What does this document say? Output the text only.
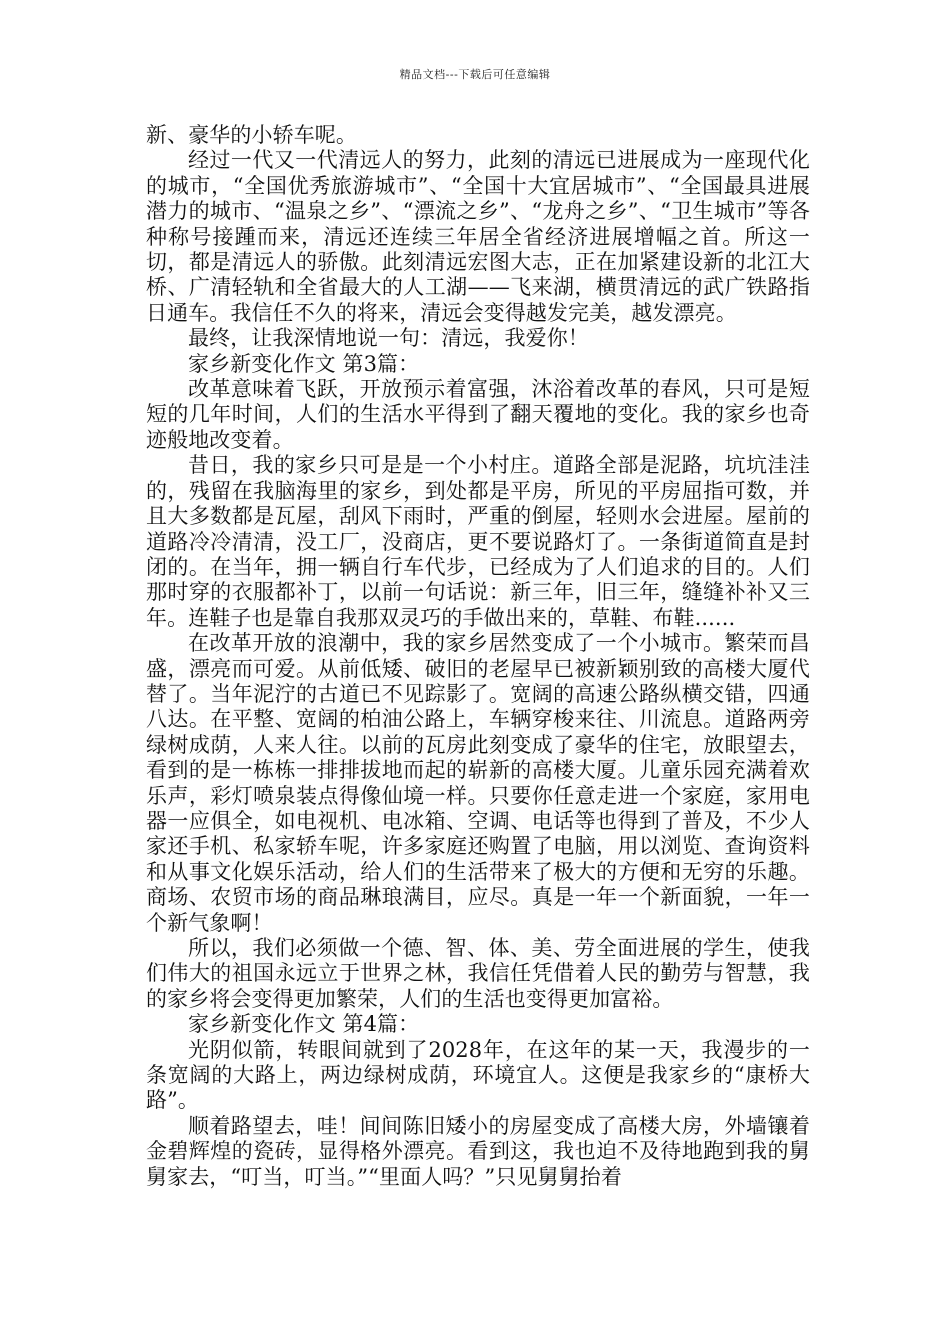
精品文档---下载后可任意编辑

新、豪华的小轿车呢。

经过一代又一代清远人的努力，此刻的清远已进展成为一座现代化的城市，“全国优秀旅游城市”、“全国十大宜居城市”、“全国最具进展潜力的城市、“温泉之乡”、“漂流之乡”、“龙舟之乡”、“卫生城市”等各种称号接踵而来，清远还连续三年居全省经济进展增幅之首。所这一切，都是清远人的骄傲。此刻清远宏图大志，正在加紧建设新的北江大桥、广清轻轨和全省最大的人工湖——飞来湖，横贯清远的武广铁路指日通车。我信任不久的将来，清远会变得越发完美，越发漂亮。

最终，让我深情地说一句：清远，我爱你！

家乡新变化作文 第3篇：

改革意味着飞跃，开放预示着富强，沐浴着改革的春风，只可是短短的几年时间，人们的生活水平得到了翻天覆地的变化。我的家乡也奇迹般地改变着。

昔日，我的家乡只可是是一个小村庄。道路全部是泥路，坑坑洼洼的，残留在我脑海里的家乡，到处都是平房，所见的平房屈指可数，并且大多数都是瓦屋，刮风下雨时，严重的倒屋，轻则水会进屋。屋前的道路冷冷清清，没工厂，没商店，更不要说路灯了。一条街道简直是封闭的。在当年，拥一辆自行车代步，已经成为了人们追求的目的。人们那时穿的衣服都补丁，以前一句话说：新三年，旧三年，缝缝补补又三年。连鞋子也是靠自我那双灵巧的手做出来的，草鞋、布鞋......

在改革开放的浪潮中，我的家乡居然变成了一个小城市。繁荣而昌盛，漂亮而可爱。从前低矮、破旧的老屋早已被新颖别致的高楼大厦代替了。当年泥泞的古道已不见踪影了。宽阔的高速公路纵横交错，四通八达。在平整、宽阔的柏油公路上，车辆穿梭来往、川流息。道路两旁绿树成荫，人来人往。以前的瓦房此刻变成了豪华的住宅，放眼望去，看到的是一栋栋一排排拔地而起的崭新的高楼大厦。儿童乐园充满着欢乐声，彩灯喷泉装点得像仙境一样。只要你任意走进一个家庭，家用电器一应俱全，如电视机、电冰箱、空调、电话等也得到了普及，不少人家还手机、私家轿车呢，许多家庭还购置了电脑，用以浏览、查询资料和从事文化娱乐活动，给人们的生活带来了极大的方便和无穷的乐趣。商场、农贸市场的商品琳琅满目，应尽。真是一年一个新面貌，一年一个新气象啊！

所以，我们必须做一个德、智、体、美、劳全面进展的学生，使我们伟大的祖国永远立于世界之林，我信任凭借着人民的勤劳与智慧，我的家乡将会变得更加繁荣，人们的生活也变得更加富裕。

家乡新变化作文 第4篇：

光阴似箭，转眼间就到了2028年，在这年的某一天，我漫步的一条宽阔的大路上，两边绿树成荫，环境宜人。这便是我家乡的“康桥大路”。

顺着路望去，哇！间间陈旧矮小的房屋变成了高楼大房，外墙镶着金碧辉煌的瓷砖，显得格外漂亮。看到这，我也迫不及待地跑到我的舅舅家去，“叮当，叮当。”“里面人吗？”只见舅舅抬着
